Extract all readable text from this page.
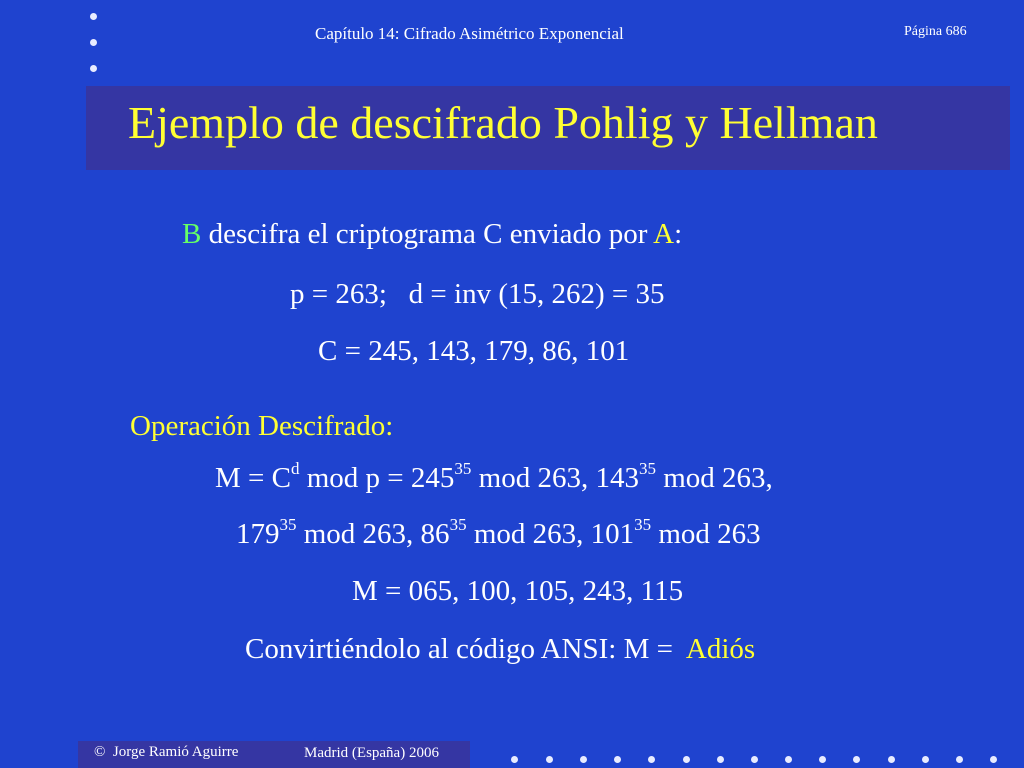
Capítulo 14: Cifrado Asimétrico Exponencial	Página 686
Ejemplo de descifrado Pohlig y Hellman
B descifra el criptograma C enviado por A:
p = 263;   d = inv (15, 262) = 35
C = 245, 143, 179, 86, 101
Operación Descifrado:
$M = C^d$ mod $p = 245^{35}$ mod 263, $143^{35}$ mod 263,
$179^{35}$ mod 263, $86^{35}$ mod 263, $101^{35}$ mod 263
M = 065, 100, 105, 243, 115
Convirtiéndolo al código ANSI: M =  Adiós
©  Jorge Ramió Aguirre	Madrid (España) 2006
